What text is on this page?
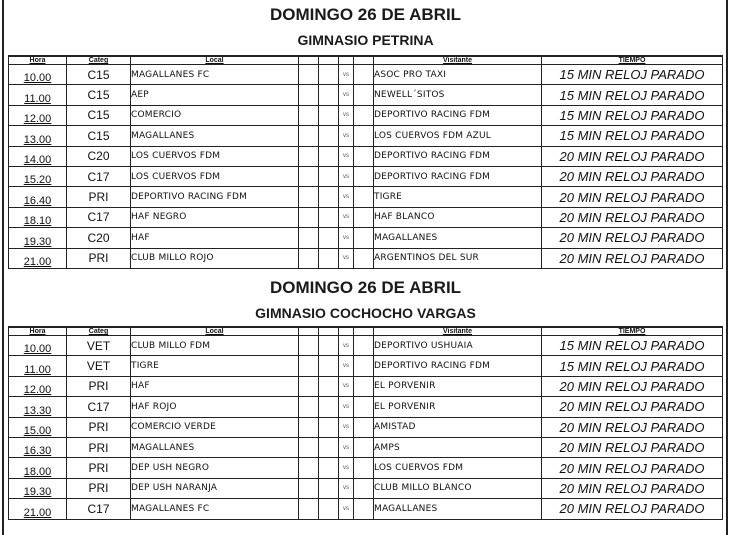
DOMINGO 26 DE ABRIL
GIMNASIO PETRINA
Hora	Categ	Local					Visitante	TIEMPO
10.00	C15	MAGALLANES FC			vs		ASOC PRO TAXI	15 MIN RELOJ PARADO
11.00	C15	AEP			vs		NEWELL´SITOS	15 MIN RELOJ PARADO
12.00	C15	COMERCIO			vs		DEPORTIVO RACING FDM	15 MIN RELOJ PARADO
13.00	C15	MAGALLANES			vs		LOS CUERVOS FDM AZUL	15 MIN RELOJ PARADO
14.00	C20	LOS CUERVOS FDM			vs		DEPORTIVO RACING FDM	20 MIN RELOJ PARADO
15.20	C17	LOS CUERVOS FDM			vs		DEPORTIVO RACING FDM	20 MIN RELOJ PARADO
16.40	PRI	DEPORTIVO RACING FDM			vs		TIGRE	20 MIN RELOJ PARADO
18.10	C17	HAF NEGRO			vs		HAF BLANCO	20 MIN RELOJ PARADO
19.30	C20	HAF			vs		MAGALLANES	20 MIN RELOJ PARADO
21.00	PRI	CLUB MILLO ROJO			vs		ARGENTINOS DEL SUR	20 MIN RELOJ PARADO
DOMINGO 26 DE ABRIL
GIMNASIO COCHOCHO VARGAS
Hora	Categ	Local					Visitante	TIEMPO
10.00	VET	CLUB MILLO FDM			vs		DEPORTIVO USHUAIA	15 MIN RELOJ PARADO
11.00	VET	TIGRE			vs		DEPORTIVO RACING FDM	15 MIN RELOJ PARADO
12.00	PRI	HAF			vs		EL PORVENIR	20 MIN RELOJ PARADO
13.30	C17	HAF ROJO			vs		EL PORVENIR	20 MIN RELOJ PARADO
15.00	PRI	COMERCIO VERDE			vs		AMISTAD	20 MIN RELOJ PARADO
16.30	PRI	MAGALLANES			vs		AMPS	20 MIN RELOJ PARADO
18.00	PRI	DEP USH NEGRO			vs		LOS CUERVOS FDM	20 MIN RELOJ PARADO
19.30	PRI	DEP USH NARANJA			vs		CLUB MILLO BLANCO	20 MIN RELOJ PARADO
21.00	C17	MAGALLANES FC			vs		MAGALLANES	20 MIN RELOJ PARADO
